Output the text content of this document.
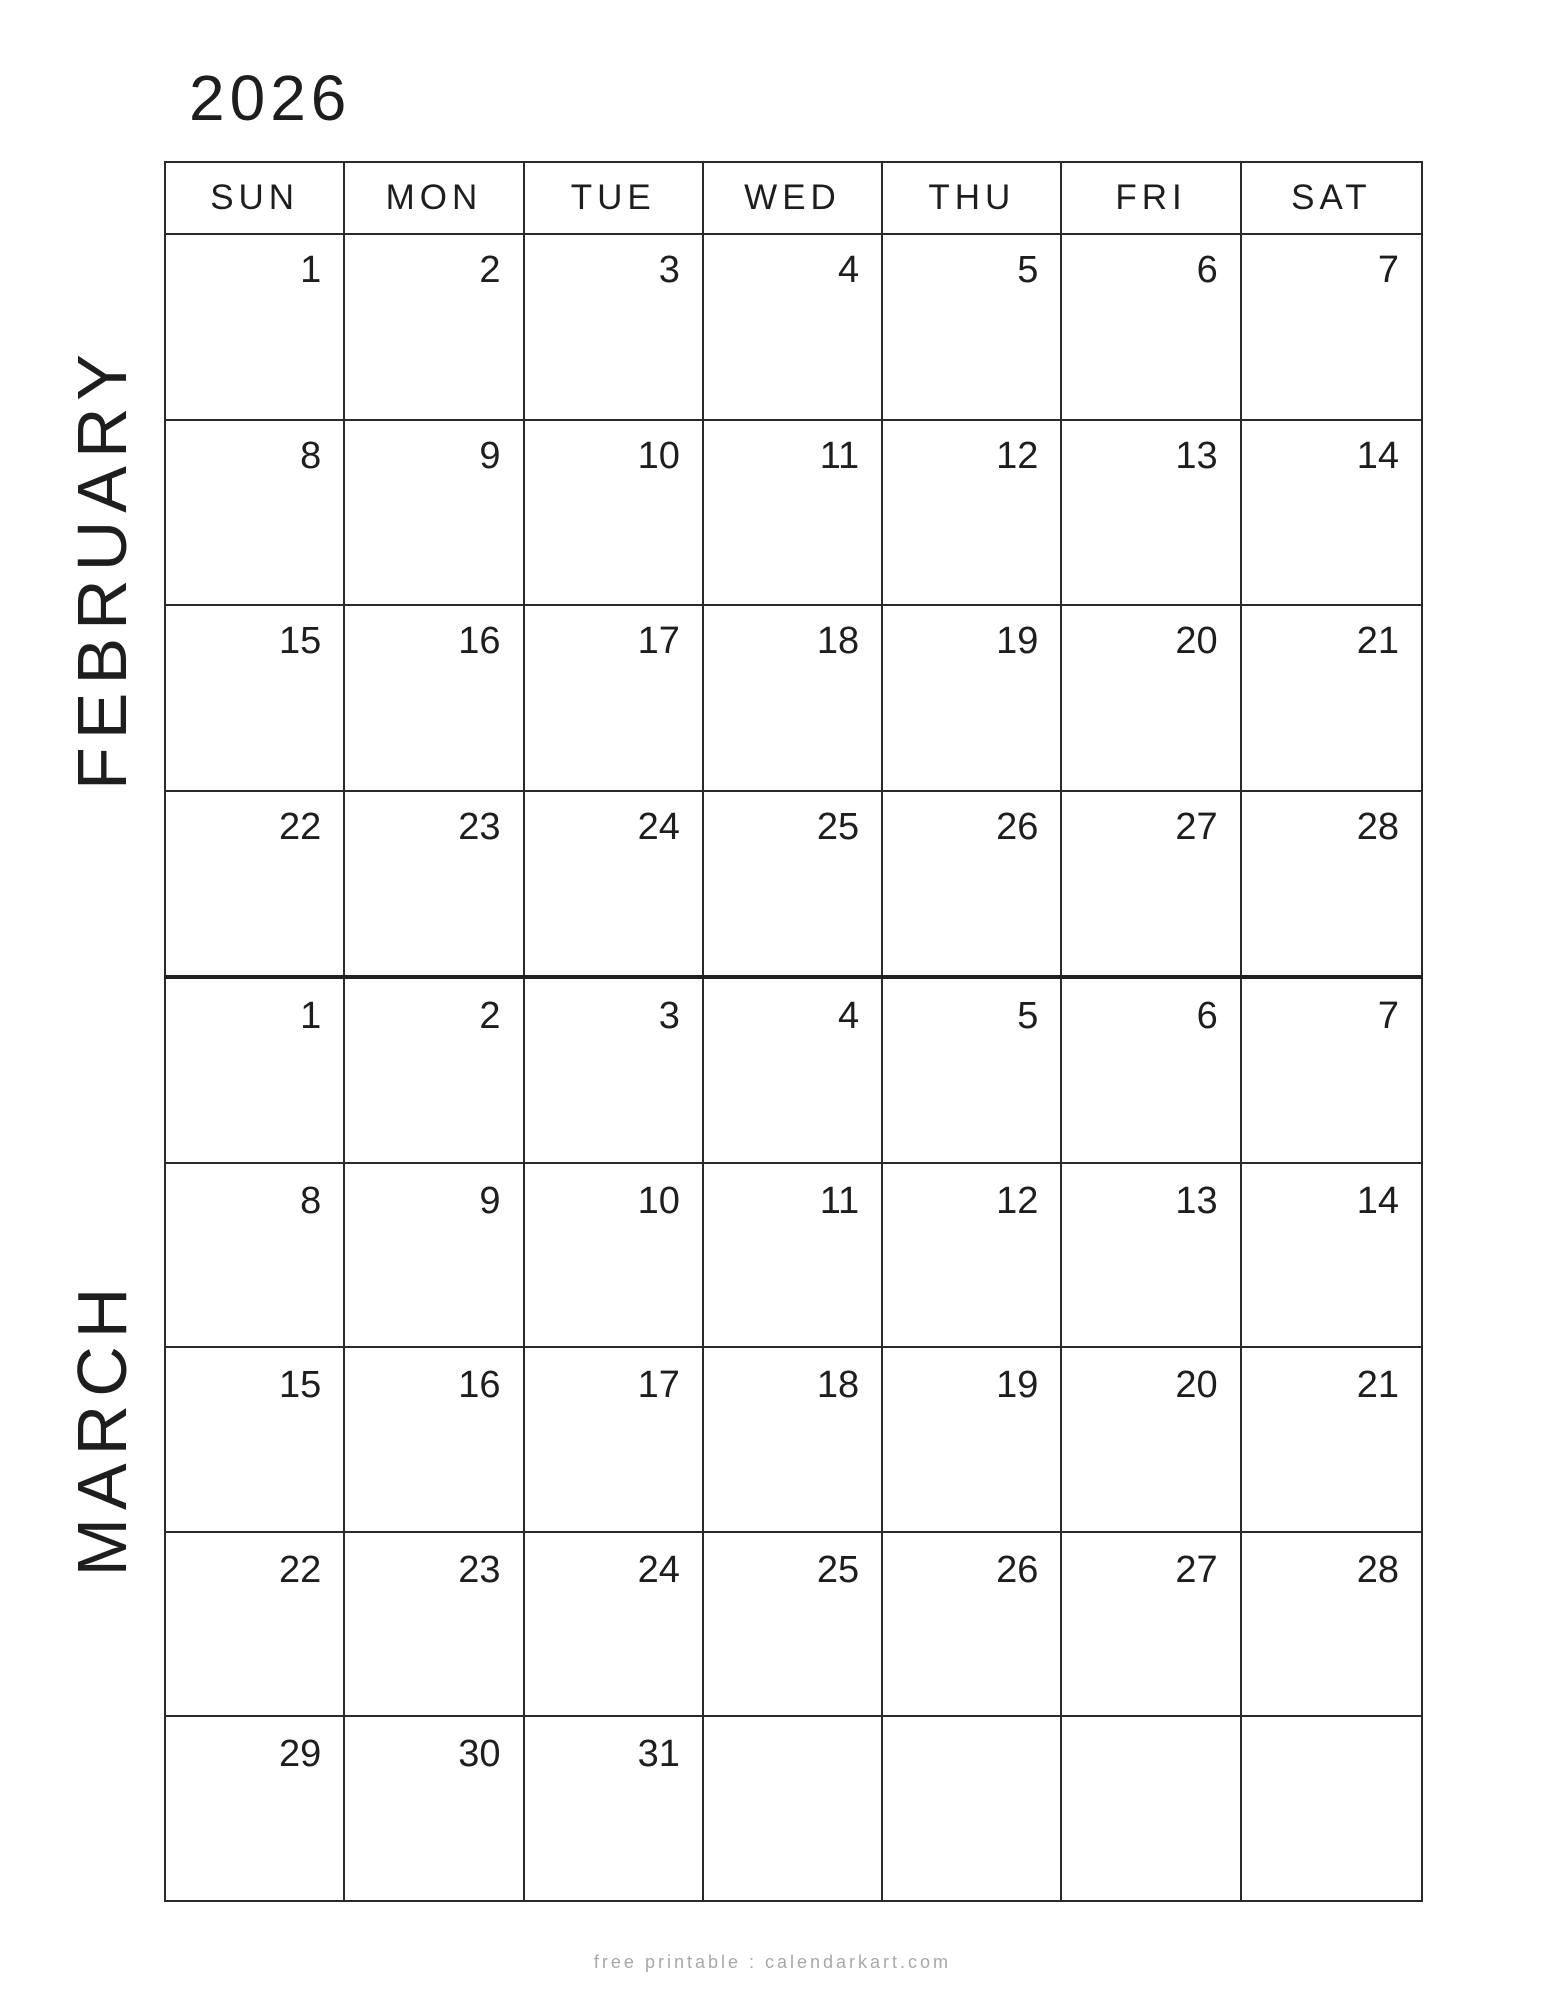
2026
FEBRUARY
MARCH
SUN	MON	TUE	WED	THU	FRI	SAT
1	2	3	4	5	6	7
8	9	10	11	12	13	14
15	16	17	18	19	20	21
22	23	24	25	26	27	28
1	2	3	4	5	6	7
8	9	10	11	12	13	14
15	16	17	18	19	20	21
22	23	24	25	26	27	28
29	30	31
free printable : calendarkart.com
